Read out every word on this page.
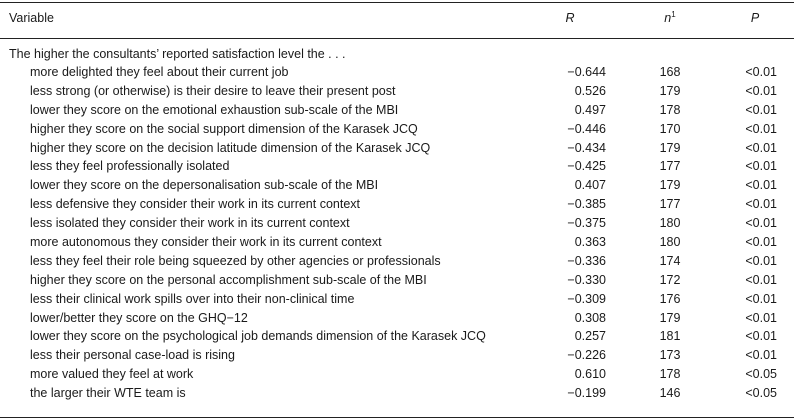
Variable	R	$n^1$	P
The higher the consultants’ reported satisfaction level the . . .
more delighted they feel about their current job	−0.644	168	<0.01
less strong (or otherwise) is their desire to leave their present post	0.526	179	<0.01
lower they score on the emotional exhaustion sub-scale of the MBI	0.497	178	<0.01
higher they score on the social support dimension of the Karasek JCQ	−0.446	170	<0.01
higher they score on the decision latitude dimension of the Karasek JCQ	−0.434	179	<0.01
less they feel professionally isolated	−0.425	177	<0.01
lower they score on the depersonalisation sub-scale of the MBI	0.407	179	<0.01
less defensive they consider their work in its current context	−0.385	177	<0.01
less isolated they consider their work in its current context	−0.375	180	<0.01
more autonomous they consider their work in its current context	0.363	180	<0.01
less they feel their role being squeezed by other agencies or professionals	−0.336	174	<0.01
higher they score on the personal accomplishment sub-scale of the MBI	−0.330	172	<0.01
less their clinical work spills over into their non-clinical time	−0.309	176	<0.01
lower/better they score on the GHQ−12	0.308	179	<0.01
lower they score on the psychological job demands dimension of the Karasek JCQ	0.257	181	<0.01
less their personal case-load is rising	−0.226	173	<0.01
more valued they feel at work	0.610	178	<0.05
the larger their WTE team is	−0.199	146	<0.05
